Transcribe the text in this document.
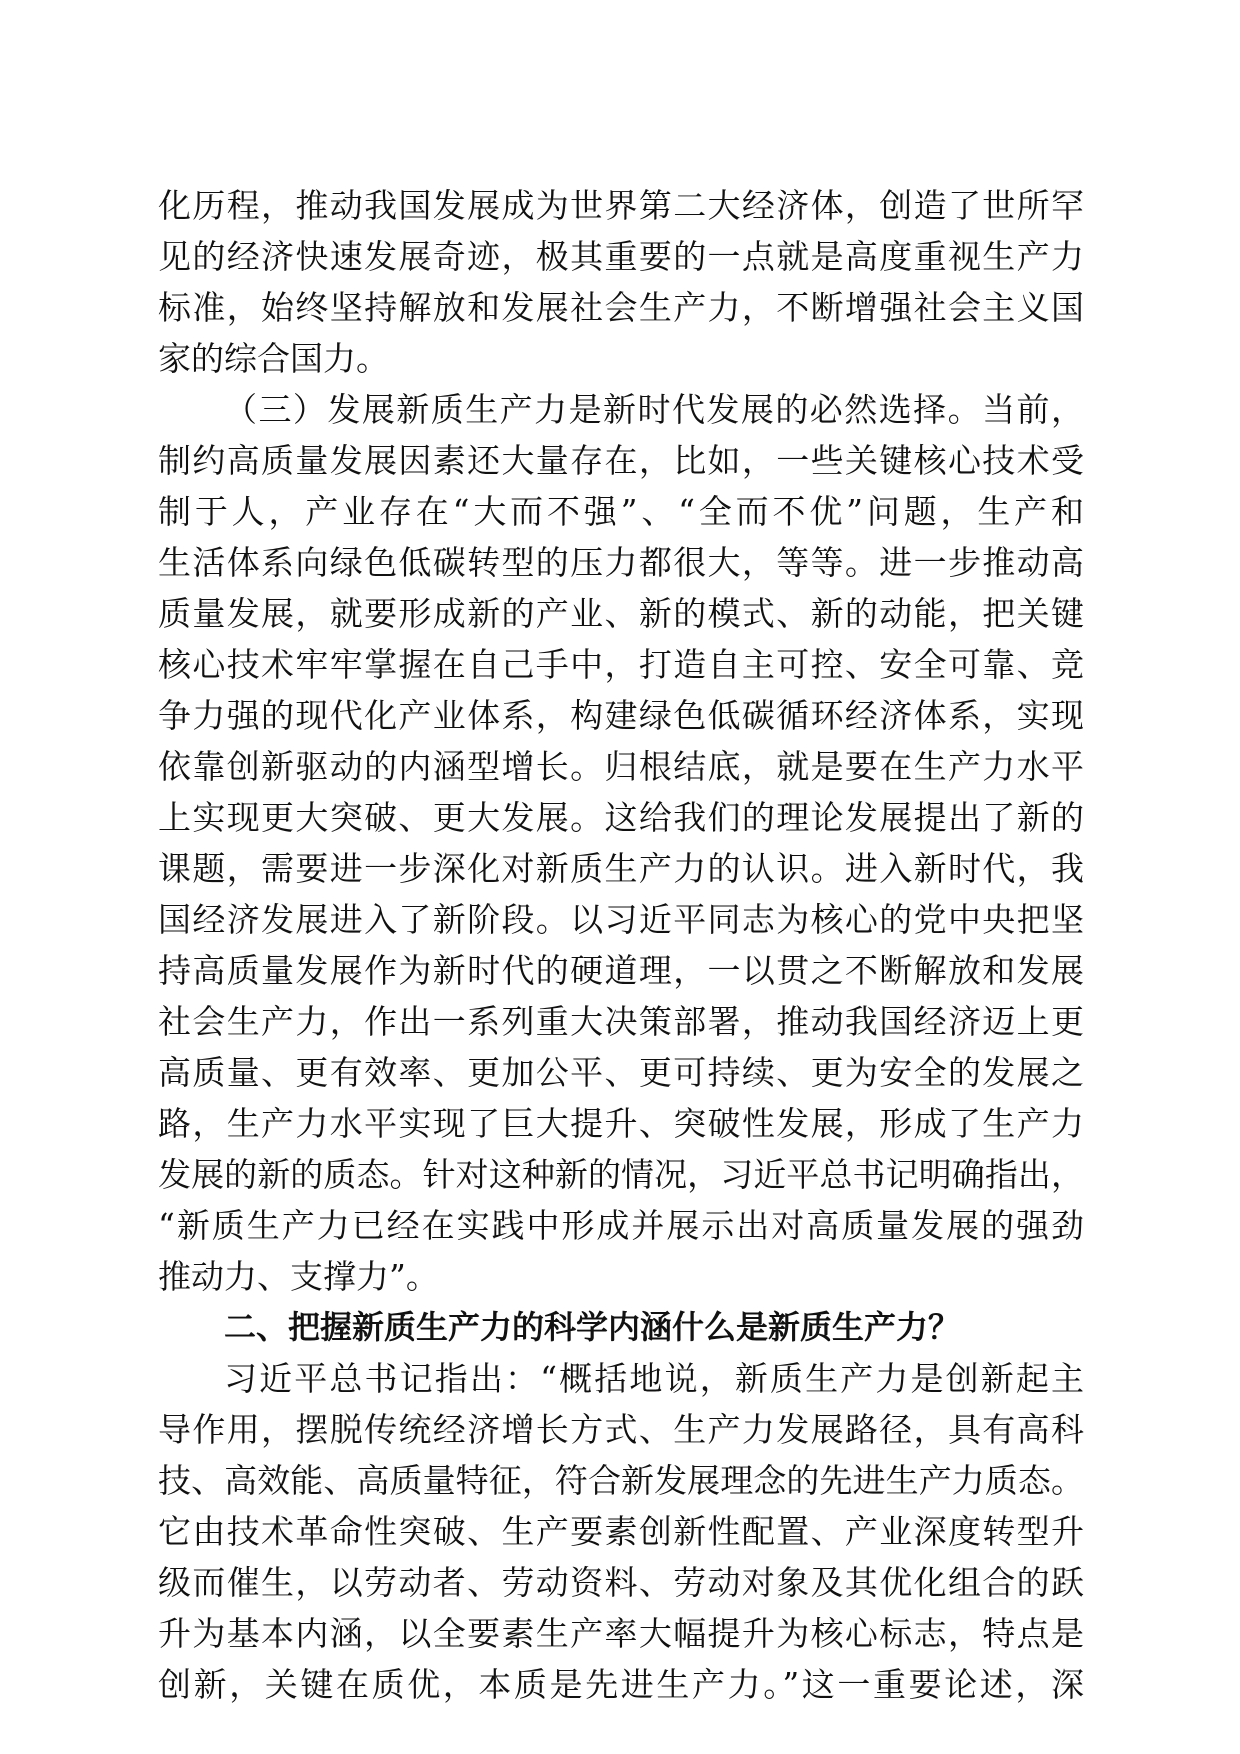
化历程，推动我国发展成为世界第二大经济体，创造了世所罕
见的经济快速发展奇迹，极其重要的一点就是高度重视生产力
标准，始终坚持解放和发展社会生产力，不断增强社会主义国
家的综合国力。
（三）发展新质生产力是新时代发展的必然选择。当前，
制约高质量发展因素还大量存在，比如，一些关键核心技术受
制于人，产业存在“大而不强”、“全而不优”问题，生产和
生活体系向绿色低碳转型的压力都很大，等等。进一步推动高
质量发展，就要形成新的产业、新的模式、新的动能，把关键
核心技术牢牢掌握在自己手中，打造自主可控、安全可靠、竞
争力强的现代化产业体系，构建绿色低碳循环经济体系，实现
依靠创新驱动的内涵型增长。归根结底，就是要在生产力水平
上实现更大突破、更大发展。这给我们的理论发展提出了新的
课题，需要进一步深化对新质生产力的认识。进入新时代，我
国经济发展进入了新阶段。以习近平同志为核心的党中央把坚
持高质量发展作为新时代的硬道理，一以贯之不断解放和发展
社会生产力，作出一系列重大决策部署，推动我国经济迈上更
高质量、更有效率、更加公平、更可持续、更为安全的发展之
路，生产力水平实现了巨大提升、突破性发展，形成了生产力
发展的新的质态。针对这种新的情况，习近平总书记明确指出，
“新质生产力已经在实践中形成并展示出对高质量发展的强劲
推动力、支撑力”。
二、把握新质生产力的科学内涵什么是新质生产力？
习近平总书记指出：“概括地说，新质生产力是创新起主
导作用，摆脱传统经济增长方式、生产力发展路径，具有高科
技、高效能、高质量特征，符合新发展理念的先进生产力质态。
它由技术革命性突破、生产要素创新性配置、产业深度转型升
级而催生，以劳动者、劳动资料、劳动对象及其优化组合的跃
升为基本内涵，以全要素生产率大幅提升为核心标志，特点是
创新，关键在质优，本质是先进生产力。”这一重要论述，深
